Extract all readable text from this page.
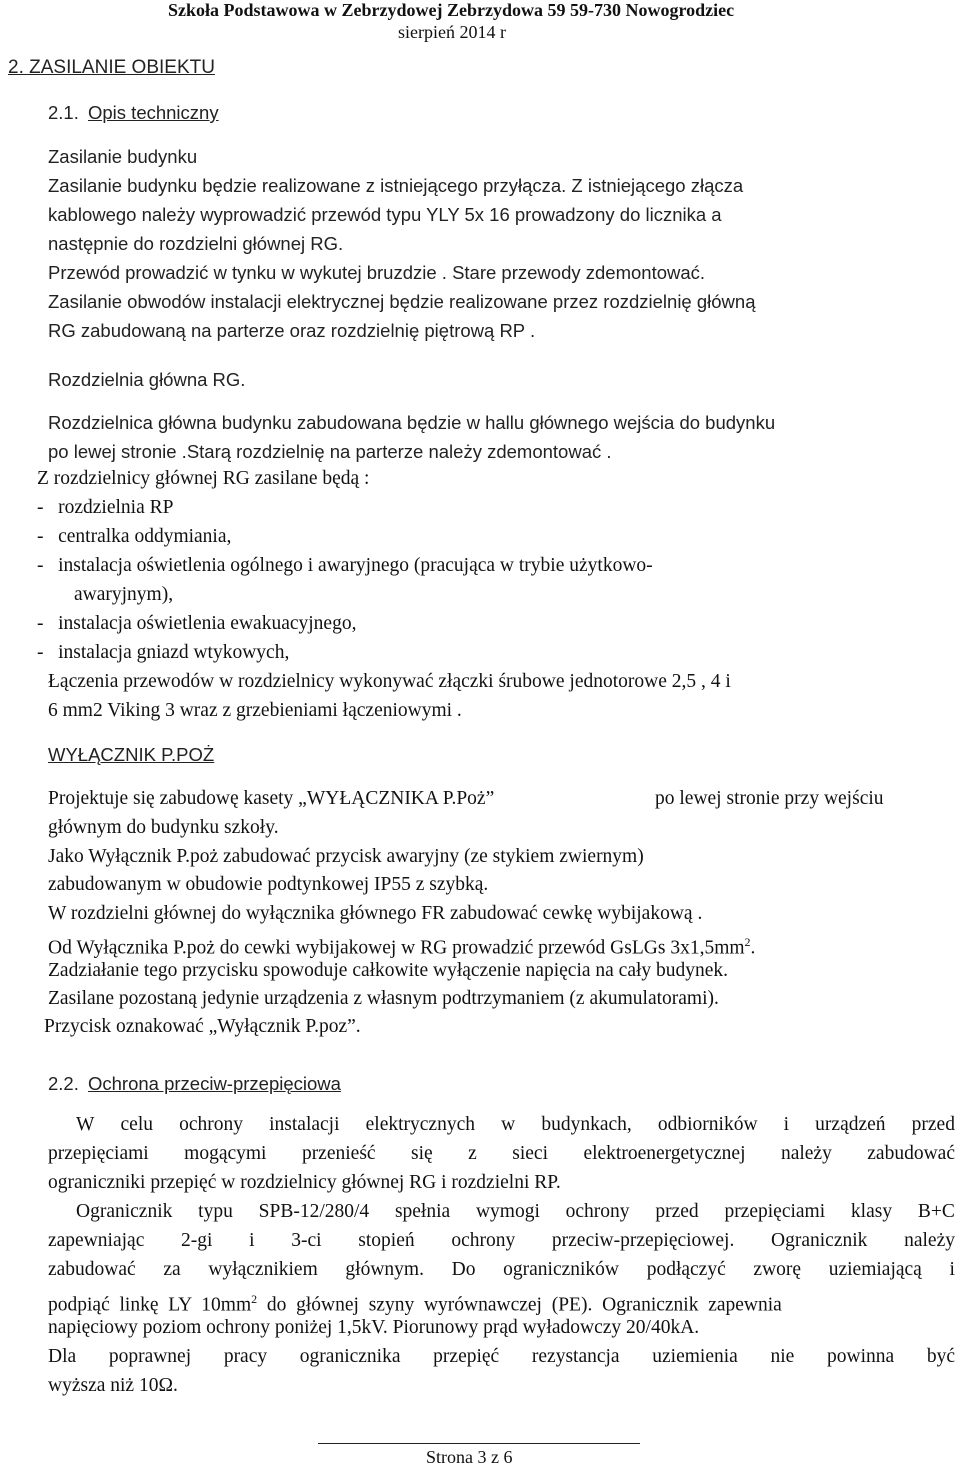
Szkoła Podstawowa w Zebrzydowej Zebrzydowa 59 59-730 Nowogrodziec
sierpień 2014 r
2. ZASILANIE OBIEKTU
2.1. Opis techniczny
Zasilanie budynku
Zasilanie budynku będzie realizowane z istniejącego przyłącza. Z istniejącego złącza
kablowego należy wyprowadzić przewód typu YLY 5x 16 prowadzony do licznika a
następnie do rozdzielni głównej RG.
Przewód prowadzić w tynku w wykutej bruzdzie . Stare przewody zdemontować.
Zasilanie obwodów instalacji elektrycznej będzie realizowane przez rozdzielnię główną
RG zabudowaną na parterze oraz rozdzielnię piętrową RP .
Rozdzielnia główna RG.
Rozdzielnica główna budynku zabudowana będzie w hallu głównego wejścia do budynku
po lewej stronie .Starą rozdzielnię na parterze należy zdemontować .
Z rozdzielnicy głównej RG zasilane będą :
-   rozdzielnia RP
-   centralka oddymiania,
-   instalacja oświetlenia ogólnego i awaryjnego (pracująca w trybie użytkowo-
awaryjnym),
-   instalacja oświetlenia ewakuacyjnego,
-   instalacja gniazd wtykowych,
Łączenia przewodów w rozdzielnicy wykonywać złączki śrubowe jednotorowe 2,5 , 4 i
6 mm2 Viking 3 wraz z grzebieniami łączeniowymi .
WYŁĄCZNIK P.POŻ
Projektuje się zabudowę kasety „WYŁĄCZNIKA P.Poż”	po lewej stronie przy wejściu
głównym do budynku szkoły.
Jako Wyłącznik P.poż zabudować przycisk awaryjny (ze stykiem zwiernym)
zabudowanym w obudowie podtynkowej IP55 z szybką.
W rozdzielni głównej do wyłącznika głównego FR zabudować cewkę wybijakową .
Od Wyłącznika P.poż do cewki wybijakowej w RG prowadzić przewód GsLGs $3x1,5mm^2$.
Zadziałanie tego przycisku spowoduje całkowite wyłączenie napięcia na cały budynek.
Zasilane pozostaną jedynie urządzenia z własnym podtrzymaniem (z akumulatorami).
Przycisk oznakować „Wyłącznik P.poz”.
2.2. Ochrona przeciw-przepięciowa
W celu ochrony instalacji elektrycznych w budynkach, odbiorników i urządzeń przed
przepięciami mogącymi przenieść się z sieci elektroenergetycznej należy zabudować
ograniczniki przepięć w rozdzielnicy głównej RG i rozdzielni RP.
Ogranicznik typu SPB-12/280/4 spełnia wymogi ochrony przed przepięciami klasy B+C
zapewniając 2-gi i 3-ci stopień ochrony przeciw-przepięciowej. Ogranicznik należy
zabudować za wyłącznikiem głównym. Do ograniczników podłączyć zworę uziemiającą i
podpiąć  linkę  LY  $10mm^2$  do  głównej  szyny  wyrównawczej  (PE).  Ogranicznik  zapewnia
napięciowy poziom ochrony poniżej 1,5kV. Piorunowy prąd wyładowczy 20/40kA.
Dla poprawnej pracy ogranicznika przepięć rezystancja uziemienia nie powinna być
wyższa niż 10Ω.
Strona 3 z 6
